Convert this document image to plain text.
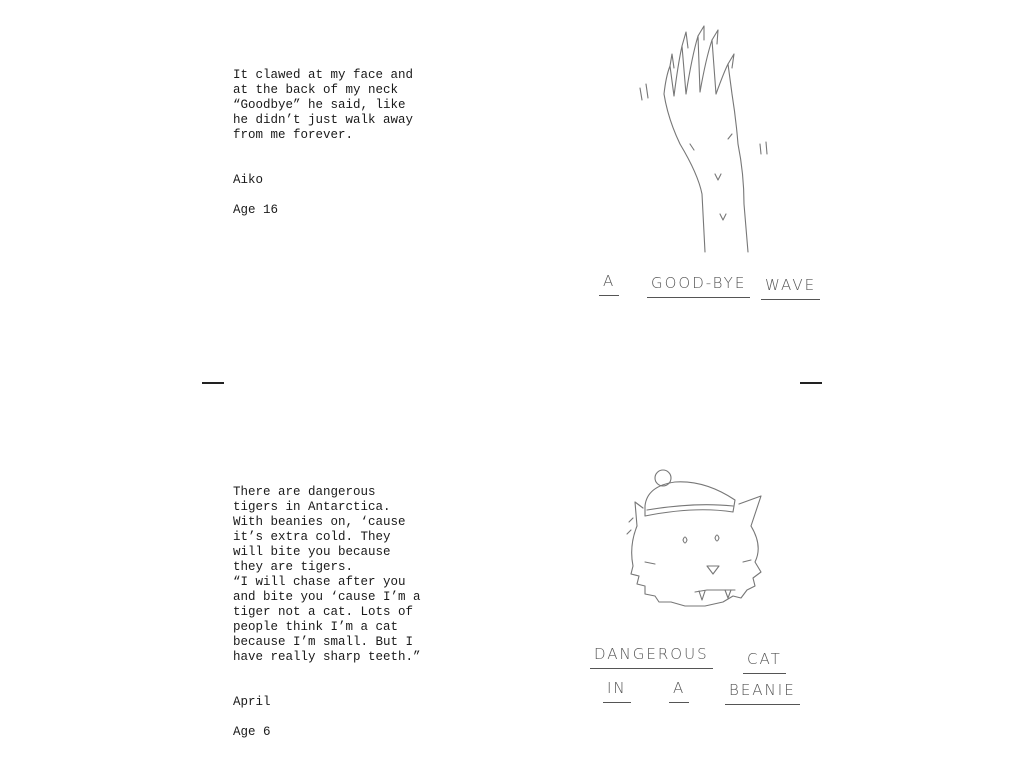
It clawed at my face and
at the back of my neck
“Goodbye” he said, like
he didn’t just walk away
from me forever.

Aiko

Age 16

A GOOD-BYE WAVE

There are dangerous
tigers in Antarctica.
With beanies on, ‘cause
it’s extra cold. They
will bite you because
they are tigers.
“I will chase after you
and bite you ‘cause I’m a
tiger not a cat. Lots of
people think I’m a cat
because I’m small. But I
have really sharp teeth.”

April

Age 6

DANGEROUS	CAT
IN	A	BEANIE
